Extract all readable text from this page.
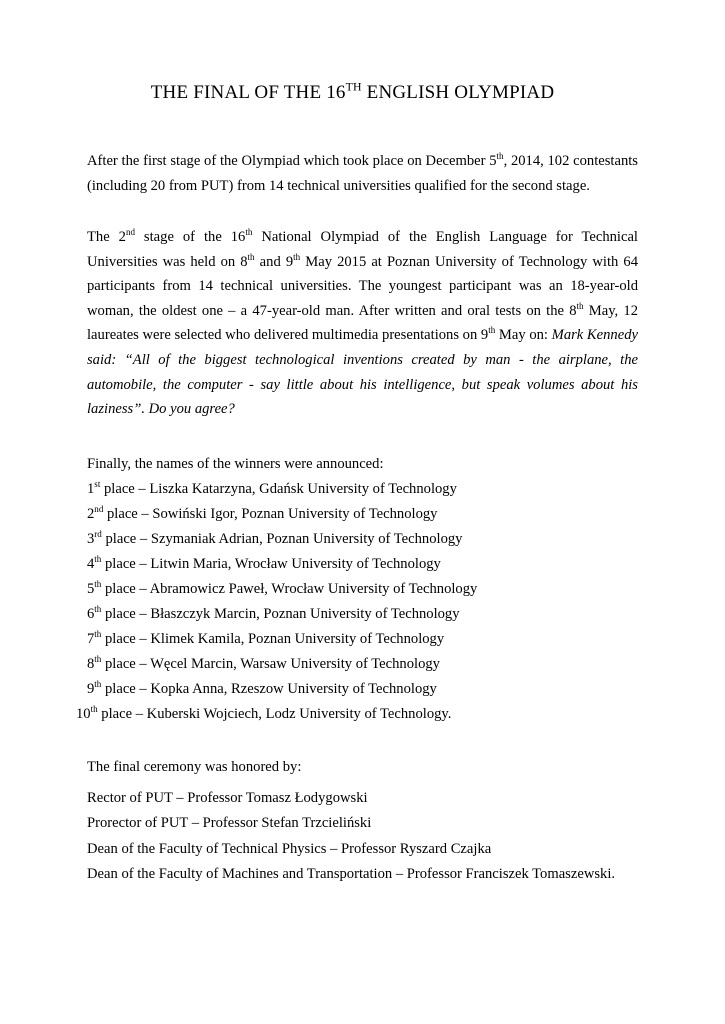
THE FINAL OF THE 16TH ENGLISH OLYMPIAD
After the first stage of the Olympiad which took place on December 5th, 2014, 102 contestants (including 20 from PUT) from 14 technical universities qualified for the second stage.
The 2nd stage of the 16th National Olympiad of the English Language for Technical Universities was held on 8th and 9th May 2015 at Poznan University of Technology with 64 participants from 14 technical universities. The youngest participant was an 18-year-old woman, the oldest one – a 47-year-old man. After written and oral tests on the 8th May, 12 laureates were selected who delivered multimedia presentations on 9th May on: Mark Kennedy said: “All of the biggest technological inventions created by man - the airplane, the automobile, the computer - say little about his intelligence, but speak volumes about his laziness”. Do you agree?
Finally, the names of the winners were announced:
1st place – Liszka Katarzyna, Gdańsk University of Technology
2nd place – Sowiński Igor, Poznan University of Technology
3rd place – Szymaniak Adrian, Poznan University of Technology
4th place – Litwin Maria, Wrocław University of Technology
5th place – Abramowicz Paweł, Wrocław University of Technology
6th place – Błaszczyk Marcin, Poznan University of Technology
7th place – Klimek Kamila, Poznan University of Technology
8th place – Węcel Marcin, Warsaw University of Technology
9th place – Kopka Anna, Rzeszow University of Technology
10th place – Kuberski Wojciech, Lodz University of Technology.
The final ceremony was honored by:
Rector of PUT – Professor Tomasz Łodygowski
Prorector of PUT – Professor Stefan Trzcieliński
Dean of the Faculty of Technical Physics – Professor Ryszard Czajka
Dean of the Faculty of Machines and Transportation – Professor Franciszek Tomaszewski.
